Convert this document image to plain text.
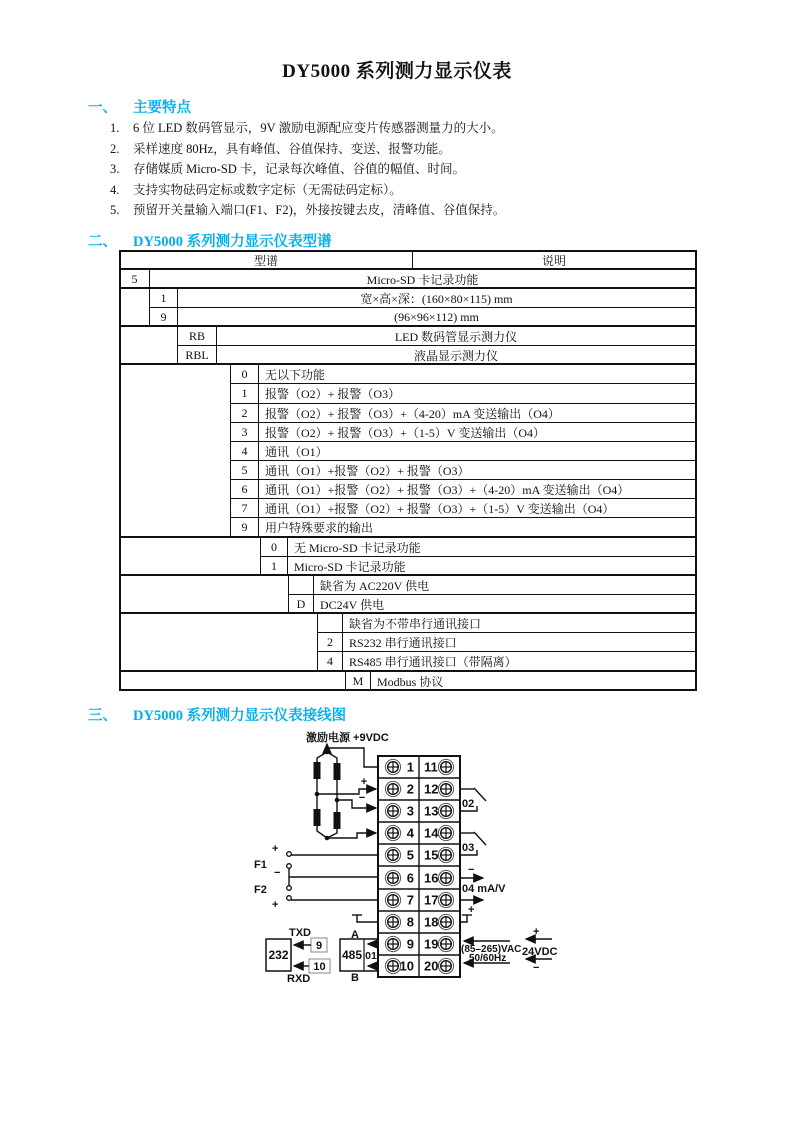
DY5000 系列测力显示仪表
一、 主要特点
1. 6 位 LED 数码管显示，9V 激励电源配应变片传感器测量力的大小。
2. 采样速度 80Hz，具有峰值、谷值保持、变送、报警功能。
3. 存储媒质 Micro-SD 卡，记录每次峰值、谷值的幅值、时间。
4. 支持实物砝码定标或数字定标（无需砝码定标）。
5. 预留开关量输入端口(F1、F2)，外接按键去皮，清峰值、谷值保持。
二、 DY5000 系列测力显示仪表型谱
型谱	说明
5	Micro-SD 卡记录功能
1	宽×高×深：(160×80×115) mm
9	(96×96×112) mm
RB	LED 数码管显示测力仪
RBL	液晶显示测力仪
0	无以下功能
1	报警（O2）+ 报警（O3）
2	报警（O2）+ 报警（O3）+（4-20）mA 变送输出（O4）
3	报警（O2）+ 报警（O3）+（1-5）V 变送输出（O4）
4	通讯（O1）
5	通讯（O1）+报警（O2）+ 报警（O3）
6	通讯（O1）+报警（O2）+ 报警（O3）+（4-20）mA 变送输出（O4）
7	通讯（O1）+报警（O2）+ 报警（O3）+（1-5）V 变送输出（O4）
9	用户特殊要求的输出
0	无 Micro-SD 卡记录功能
1	Micro-SD 卡记录功能
缺省为 AC220V 供电
D	DC24V 供电
缺省为不带串行通讯接口
2	RS232 串行通讯接口
4	RS485 串行通讯接口（带隔离）
M	Modbus 协议
三、 DY5000 系列测力显示仪表接线图
激励电源 +9VDC
+
−
+
F1
−
F2
+
232
TXD
RXD
9
10
485 01
A
B
1 11
2 12
3 13
4 14
5 15
6 16
7 17
8 18
9 19
10 20
02
03
−
04 mA/V
+
(85–265)VAC
50/60Hz
+
24VDC
−
